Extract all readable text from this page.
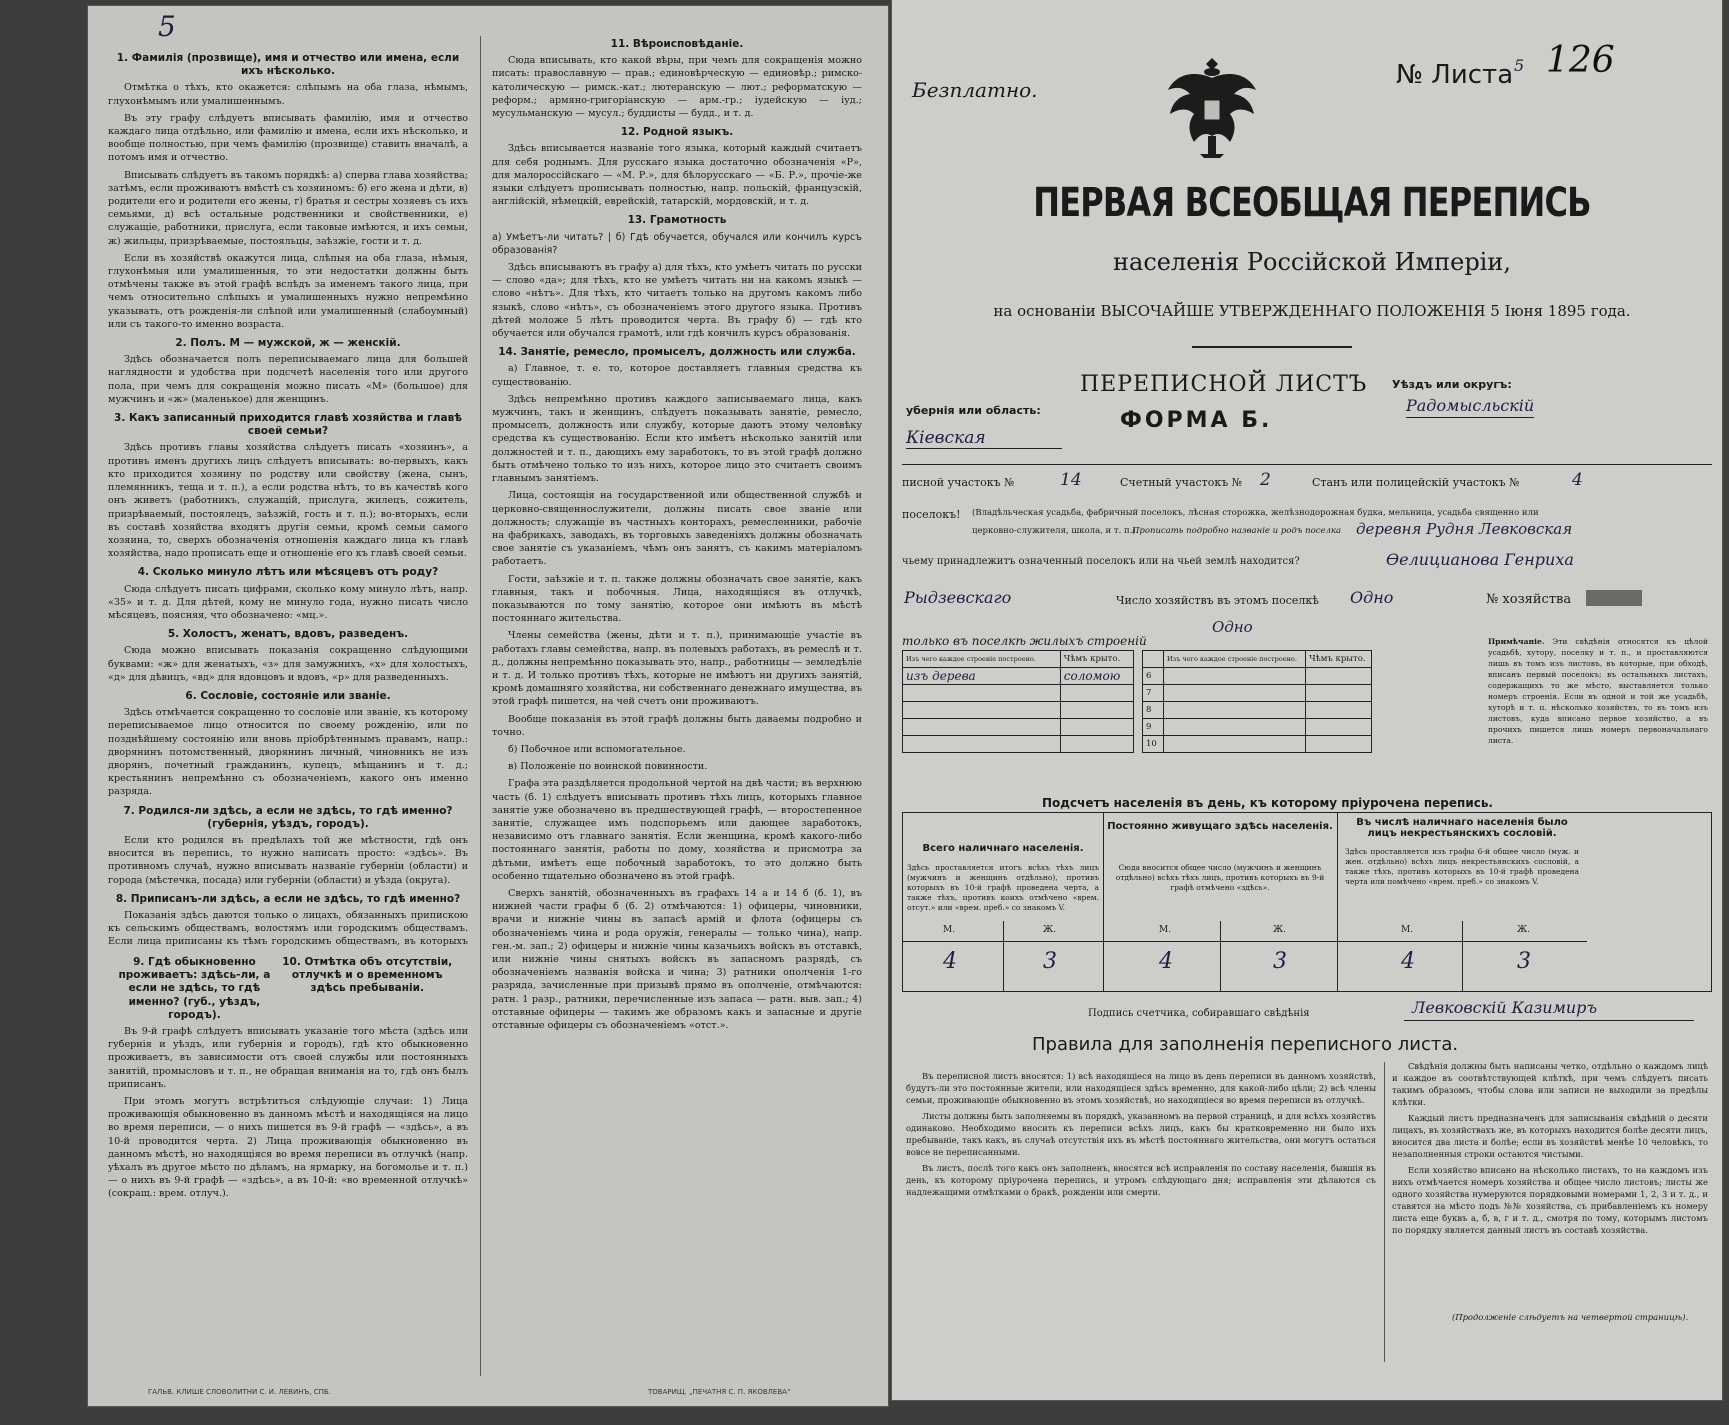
5
1. Фамилія (прозвище), имя и отчество или имена, если ихъ нѣсколько.

Отмѣтка о тѣхъ, кто окажется: слѣпымъ на оба глаза, нѣмымъ, глухонѣмымъ или умалишеннымъ.

Въ эту графу слѣдуетъ вписывать фамилію, имя и отчество каждаго лица отдѣльно, или фамилію и имена, если ихъ нѣсколько, и вообще полностью, при чемъ фамилію (прозвище) ставить вначалѣ, а потомъ имя и отчество.

Вписывать слѣдуетъ въ такомъ порядкѣ: а) сперва глава хозяйства; затѣмъ, если проживаютъ вмѣстѣ съ хозяиномъ: б) его жена и дѣти, в) родители его и родители его жены, г) братья и сестры хозяевъ съ ихъ семьями, д) всѣ остальные родственники и свойственники, е) служащіе, работники, прислуга, если таковые имѣются, и ихъ семьи, ж) жильцы, призрѣваемые, постояльцы, заѣзжіе, гости и т. д.

Если въ хозяйствѣ окажутся лица, слѣпыя на оба глаза, нѣмыя, глухонѣмыя или умалишенныя, то эти недостатки должны быть отмѣчены также въ этой графѣ вслѣдъ за именемъ такого лица, при чемъ относительно слѣпыхъ и умалишенныхъ нужно непремѣнно указывать, отъ рожденія-ли слѣпой или умалишенный (слабоумный) или съ такого-то именно возраста.

2. Полъ. М — мужской, ж — женскій.

Здѣсь обозначается полъ переписываемаго лица для большей наглядности и удобства при подсчетѣ населенія того или другого пола, при чемъ для сокращенія можно писать «М» (большое) для мужчинъ и «ж» (маленькое) для женщинъ.

3. Какъ записанный приходится главѣ хозяйства и главѣ своей семьи?

Здѣсь противъ главы хозяйства слѣдуетъ писать «хозяинъ», а противъ именъ другихъ лицъ слѣдуетъ вписывать: во-первыхъ, какъ кто приходится хозяину по родству или свойству (жена, сынъ, племянникъ, теща и т. п.), а если родства нѣтъ, то въ качествѣ кого онъ живетъ (работникъ, служащій, прислуга, жилецъ, сожитель, призрѣваемый, постоялецъ, заѣзжій, гость и т. п.); во-вторыхъ, если въ составѣ хозяйства входятъ другія семьи, кромѣ семьи самого хозяина, то, сверхъ обозначенія отношенія каждаго лица къ главѣ хозяйства, надо прописать еще и отношеніе его къ главѣ своей семьи.

4. Сколько минуло лѣтъ или мѣсяцевъ отъ роду?

Сюда слѣдуетъ писать цифрами, сколько кому минуло лѣтъ, напр. «35» и т. д. Для дѣтей, кому не минуло года, нужно писать число мѣсяцевъ, поясняя, что обозначено: «мц.».

5. Холостъ, женатъ, вдовъ, разведенъ.

Сюда можно вписывать показанія сокращенно слѣдующими буквами: «ж» для женатыхъ, «з» для замужнихъ, «х» для холостыхъ, «д» для дѣвицъ, «вд» для вдовцовъ и вдовъ, «р» для разведенныхъ.

6. Сословіе, состояніе или званіе.

Здѣсь отмѣчается сокращенно то сословіе или званіе, къ которому переписываемое лицо относится по своему рожденію, или по позднѣйшему состоянію или вновь пріобрѣтеннымъ правамъ, напр.: дворянинъ потомственный, дворянинъ личный, чиновникъ не изъ дворянъ, почетный гражданинъ, купецъ, мѣщанинъ и т. д.; крестьянинъ непремѣнно съ обозначеніемъ, какого онъ именно разряда.

7. Родился-ли здѣсь, а если не здѣсь, то гдѣ именно? (губернія, уѣздъ, городъ).

Если кто родился въ предѣлахъ той же мѣстности, гдѣ онъ вносится въ перепись, то нужно написать просто: «здѣсь». Въ противномъ случаѣ, нужно вписывать названіе губерніи (области) и города (мѣстечка, посада) или губерніи (области) и уѣзда (округа).

8. Приписанъ-ли здѣсь, а если не здѣсь, то гдѣ именно?

Показанія здѣсь даются только о лицахъ, обязанныхъ припискою къ сельскимъ обществамъ, волостямъ или городскимъ обществамъ. Если лица приписаны къ тѣмъ городскимъ обществамъ, въ которыхъ

9. Гдѣ обыкновенно проживаетъ: здѣсь-ли, а если не здѣсь, то гдѣ именно? (губ., уѣздъ, городъ).10. Отмѣтка объ отсутствіи, отлучкѣ и о временномъ здѣсь пребываніи.

Въ 9-й графѣ слѣдуетъ вписывать указаніе того мѣста (здѣсь или губернія и уѣздъ, или губернія и городъ), гдѣ кто обыкновенно проживаетъ, въ зависимости отъ своей службы или постоянныхъ занятій, промысловъ и т. п., не обращая вниманія на то, гдѣ онъ былъ приписанъ.

При этомъ могутъ встрѣтиться слѣдующіе случаи: 1) Лица проживающія обыкновенно въ данномъ мѣстѣ и находящіяся на лицо во время переписи, — о нихъ пишется въ 9-й графѣ — «здѣсь», а въ 10-й проводится черта. 2) Лица проживающія обыкновенно въ данномъ мѣстѣ, но находящіяся во время переписи въ отлучкѣ (напр. уѣхалъ въ другое мѣсто по дѣламъ, на ярмарку, на богомолье и т. п.) — о нихъ въ 9-й графѣ — «здѣсь», а въ 10-й: «во временной отлучкѣ» (сокращ.: врем. отлуч.).

11. Вѣроисповѣданіе.

Сюда вписывать, кто какой вѣры, при чемъ для сокращенія можно писать: православную — прав.; единовѣрческую — единовѣр.; римско-католическую — римск.-кат.; лютеранскую — лют.; реформатскую — реформ.; армяно-григоріанскую — арм.-гр.; іудейскую — іуд.; мусульманскую — мусул.; буддисты — будд., и т. д.

12. Родной языкъ.

Здѣсь вписывается названіе того языка, который каждый считаетъ для себя роднымъ. Для русскаго языка достаточно обозначенія «Р», для малороссійскаго — «М. Р.», для бѣлорусскаго — «Б. Р.», прочіе-же языки слѣдуетъ прописывать полностью, напр. польскій, французскій, англійскій, нѣмецкій, еврейскій, татарскій, мордовскій, и т. д.

13. Грамотность
а) Умѣетъ-ли читать? | б) Гдѣ обучается, обучался или кончилъ курсъ образованія?

Здѣсь вписываютъ въ графу а) для тѣхъ, кто умѣетъ читать по русски — слово «да»; для тѣхъ, кто не умѣетъ читать ни на какомъ языкѣ — слово «нѣтъ». Для тѣхъ, кто читаетъ только на другомъ какомъ либо языкѣ, слово «нѣтъ», съ обозначеніемъ этого другого языка. Противъ дѣтей моложе 5 лѣтъ проводится черта. Въ графу б) — гдѣ кто обучается или обучался грамотѣ, или гдѣ кончилъ курсъ образованія.

14. Занятіе, ремесло, промыселъ, должность или служба.

а) Главное, т. е. то, которое доставляетъ главныя средства къ существованію.

Здѣсь непремѣнно противъ каждого записываемаго лица, какъ мужчинъ, такъ и женщинъ, слѣдуетъ показывать занятіе, ремесло, промыселъ, должность или службу, которые даютъ этому человѣку средства къ существованію. Если кто имѣетъ нѣсколько занятій или должностей и т. п., дающихъ ему заработокъ, то въ этой графѣ должно быть отмѣчено только то изъ нихъ, которое лицо это считаетъ своимъ главнымъ занятіемъ.

Лица, состоящія на государственной или общественной службѣ и церковно-священнослужители, должны писать свое званіе или должность; служащіе въ частныхъ конторахъ, ремесленники, рабочіе на фабрикахъ, заводахъ, въ торговыхъ заведеніяхъ должны обозначать свое занятіе съ указаніемъ, чѣмъ онъ занятъ, съ какимъ матеріаломъ работаетъ.

Гости, заѣзжіе и т. п. также должны обозначать свое занятіе, какъ главныя, такъ и побочныя. Лица, находящіяся въ отлучкѣ, показываются по тому занятію, которое они имѣютъ въ мѣстѣ постояннаго жительства.

Члены семейства (жены, дѣти и т. п.), принимающіе участіе въ работахъ главы семейства, напр. въ полевыхъ работахъ, въ ремеслѣ и т. д., должны непремѣнно показывать это, напр., работницы — земледѣліе и т. д. И только противъ тѣхъ, которые не имѣютъ ни другихъ занятій, кромѣ домашняго хозяйства, ни собственнаго денежнаго имущества, въ этой графѣ пишется, на чей счетъ они проживаютъ.

Вообще показанія въ этой графѣ должны быть даваемы подробно и точно.

б) Побочное или вспомогательное.

в) Положеніе по воинской повинности.

Графа эта раздѣляется продольной чертой на двѣ части; въ верхнюю часть (б. 1) слѣдуетъ вписывать противъ тѣхъ лицъ, которыхъ главное занятіе уже обозначено въ предшествующей графѣ, — второстепенное занятіе, служащее имъ подспорьемъ или дающее заработокъ, независимо отъ главнаго занятія. Если женщина, кромѣ какого-либо постояннаго занятія, работы по дому, хозяйства и присмотра за дѣтьми, имѣетъ еще побочный заработокъ, то это должно быть особенно тщательно обозначено въ этой графѣ.

Сверхъ занятій, обозначенныхъ въ графахъ 14 а и 14 б (б. 1), въ нижней части графы б (б. 2) отмѣчаются: 1) офицеры, чиновники, врачи и нижніе чины въ запасѣ армій и флота (офицеры съ обозначеніемъ чина и рода оружія, генералы — только чина), напр. ген.-м. зап.; 2) офицеры и нижніе чины казачьихъ войскъ въ отставкѣ, или нижніе чины снятыхъ войскъ въ запасномъ разрядѣ, съ обозначеніемъ названія войска и чина; 3) ратники ополченія 1-го разряда, зачисленные при призывѣ прямо въ ополченіе, отмѣчаются: ратн. 1 разр., ратники, перечисленные изъ запаса — ратн. выв. зап.; 4) отставные офицеры — такимъ же образомъ какъ и запасные и другіе отставные офицеры съ обозначеніемъ «отст.».

ГАЛЬВ. КЛИШЕ СЛОВОЛИТНИ С. И. ЛЕВИНЪ, СПБ.	ТОВАРИЩ. „ПЕЧАТНЯ С. П. ЯКОВЛЕВА“
Безплатно.	№ Листа 5 126
ПЕРВАЯ ВСЕОБЩАЯ ПЕРЕПИСЬ
населенія Россійской Имперіи,
на основаніи ВЫСОЧАЙШЕ УТВЕРЖДЕННАГО ПОЛОЖЕНІЯ 5 Іюня 1895 года.
ПЕРЕПИСНОЙ ЛИСТЪ
ФОРМА Б.
Уѣздъ или округъ:
Радомысльскій
убернія или область:
Кіевская
писной участокъ №	14	Счетный участокъ № 2	Станъ или полицейскій участокъ №	4
поселокъ! (Владѣльческая усадьба, фабричный поселокъ, лѣсная сторожка, желѣзнодорожная будка, мельница, усадьба священно или
церковно-служителя, школа, и т. п.).
Прописать подробно названіе и родъ поселка деревня Рудня Левковская
чьему принадлежитъ означенный поселокъ или на чьей землѣ находится?	Ѳелицианова Генриха
Рыдзевскаго	Число хозяйствъ въ этомъ поселкѣ Одно	№ хозяйства 1
только въ поселкѣ жилыхъ строеній
Одно
Изъ чего каждое строеніе построено.	Чѣмъ крыто.
изъ дерева	соломою

	Изъ чего каждое строеніе построено.	Чѣмъ крыто.
6		
7		
8		
9		
10		
Примѣчаніе. Эти свѣдѣнія относятся къ цѣлой усадьбѣ, хутору, поселку и т. п., и проставляются лишь въ томъ изъ листовъ, въ которые, при обходѣ, вписанъ первый поселокъ; въ остальныхъ листахъ, содержащихъ то же мѣсто, выставляется только номеръ строенія. Если въ одной и той же усадьбѣ, хуторѣ и т. п. нѣсколько хозяйствъ, то въ томъ изъ листовъ, куда вписано первое хозяйство, а въ прочихъ пишется лишь номеръ первоначальнаго листа.
Подсчетъ населенія въ день, къ которому пріурочена перепись.
Всего наличнаго населенія.
Здѣсь проставляется итогъ всѣхъ тѣхъ лицъ (мужчинъ и женщинъ отдѣльно), противъ которыхъ въ 10-й графѣ проведена черта, а также тѣхъ, противъ коихъ отмѣчено «врем. отсут.» или «врем. преб.» со знакомъ V.
М.	Ж.
4	3
Постоянно живущаго здѣсь населенія.
Сюда вносится общее число (мужчинъ и женщинъ отдѣльно) всѣхъ тѣхъ лицъ, противъ которыхъ въ 9-й графѣ отмѣчено «здѣсь».
М.	Ж.
4	3
Въ числѣ наличнаго населенія было лицъ некрестьянскихъ сословій.
Здѣсь проставляется изъ графы 6-й общее число (муж. и жен. отдѣльно) всѣхъ лицъ некрестьянскихъ сословій, а также тѣхъ, противъ которыхъ въ 10-й графѣ проведена черта или помѣчено «врем. преб.» со знакомъ V.
М.	Ж.
4	3
Подпись счетчика, собиравшаго свѣдѣнія	Левковскій Казимиръ
Правила для заполненія переписного листа.

Въ переписной листъ вносятся: 1) всѣ находящіеся на лицо въ день переписи въ данномъ хозяйствѣ, будутъ-ли это постоянные жители, или находящіеся здѣсь временно, для какой-либо цѣли; 2) всѣ члены семьи, проживающіе обыкновенно въ этомъ хозяйствѣ, но находящіеся во время переписи въ отлучкѣ.

Листы должны быть заполняемы въ порядкѣ, указанномъ на первой страницѣ, и для всѣхъ хозяйствъ одинаково. Необходимо вносить къ переписи всѣхъ лицъ, какъ бы кратковременно ни было ихъ пребываніе, такъ какъ, въ случаѣ отсутствія ихъ въ мѣстѣ постояннаго жительства, они могутъ остаться вовсе не переписанными.

Въ листъ, послѣ того какъ онъ заполненъ, вносятся всѣ исправленія по составу населенія, бывшія въ день, къ которому пріурочена перепись, и утромъ слѣдующаго дня; исправленія эти дѣлаются съ надлежащими отмѣтками о бракѣ, рожденіи или смерти.

Свѣдѣнія должны быть написаны четко, отдѣльно о каждомъ лицѣ и каждое въ соотвѣтствующей клѣткѣ, при чемъ слѣдуетъ писать такимъ образомъ, чтобы слова или записи не выходили за предѣлы клѣтки.

Каждый листъ предназначенъ для записыванія свѣдѣній о десяти лицахъ, въ хозяйствахъ же, въ которыхъ находится болѣе десяти лицъ, вносится два листа и болѣе; если въ хозяйствѣ менѣе 10 человѣкъ, то незаполненныя строки остаются чистыми.

Если хозяйство вписано на нѣсколько листахъ, то на каждомъ изъ нихъ отмѣчается номеръ хозяйства и общее число листовъ; листы же одного хозяйства нумеруются порядковыми номерами 1, 2, 3 и т. д., и ставятся на мѣсто подъ №№ хозяйства, съ прибавленіемъ къ номеру листа еще буквъ а, б, в, г и т. д., смотря по тому, которымъ листомъ по порядку является данный листъ въ составѣ хозяйства.

(Продолженіе слѣдуетъ на четвертой страницѣ).
